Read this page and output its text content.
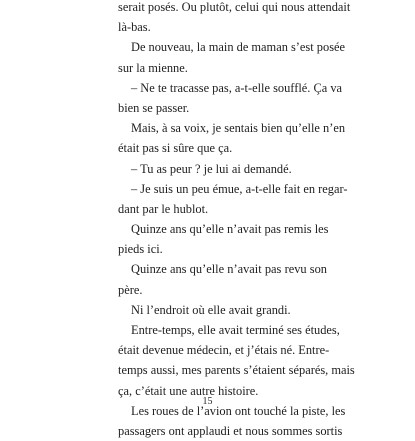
serait posés. Ou plutôt, celui qui nous attendait
là-bas.
De nouveau, la main de maman s’est posée
sur la mienne.
– Ne te tracasse pas, a-t-elle soufflé. Ça va
bien se passer.
Mais, à sa voix, je sentais bien qu’elle n’en
était pas si sûre que ça.
– Tu as peur ? je lui ai demandé.
– Je suis un peu émue, a-t-elle fait en regar-
dant par le hublot.
Quinze ans qu’elle n’avait pas remis les
pieds ici.
Quinze ans qu’elle n’avait pas revu son
père.
Ni l’endroit où elle avait grandi.
Entre-temps, elle avait terminé ses études,
était devenue médecin, et j’étais né. Entre-
temps aussi, mes parents s’étaient séparés, mais
ça, c’était une autre histoire.
Les roues de l’avion ont touché la piste, les
passagers ont applaudi et nous sommes sortis
15
